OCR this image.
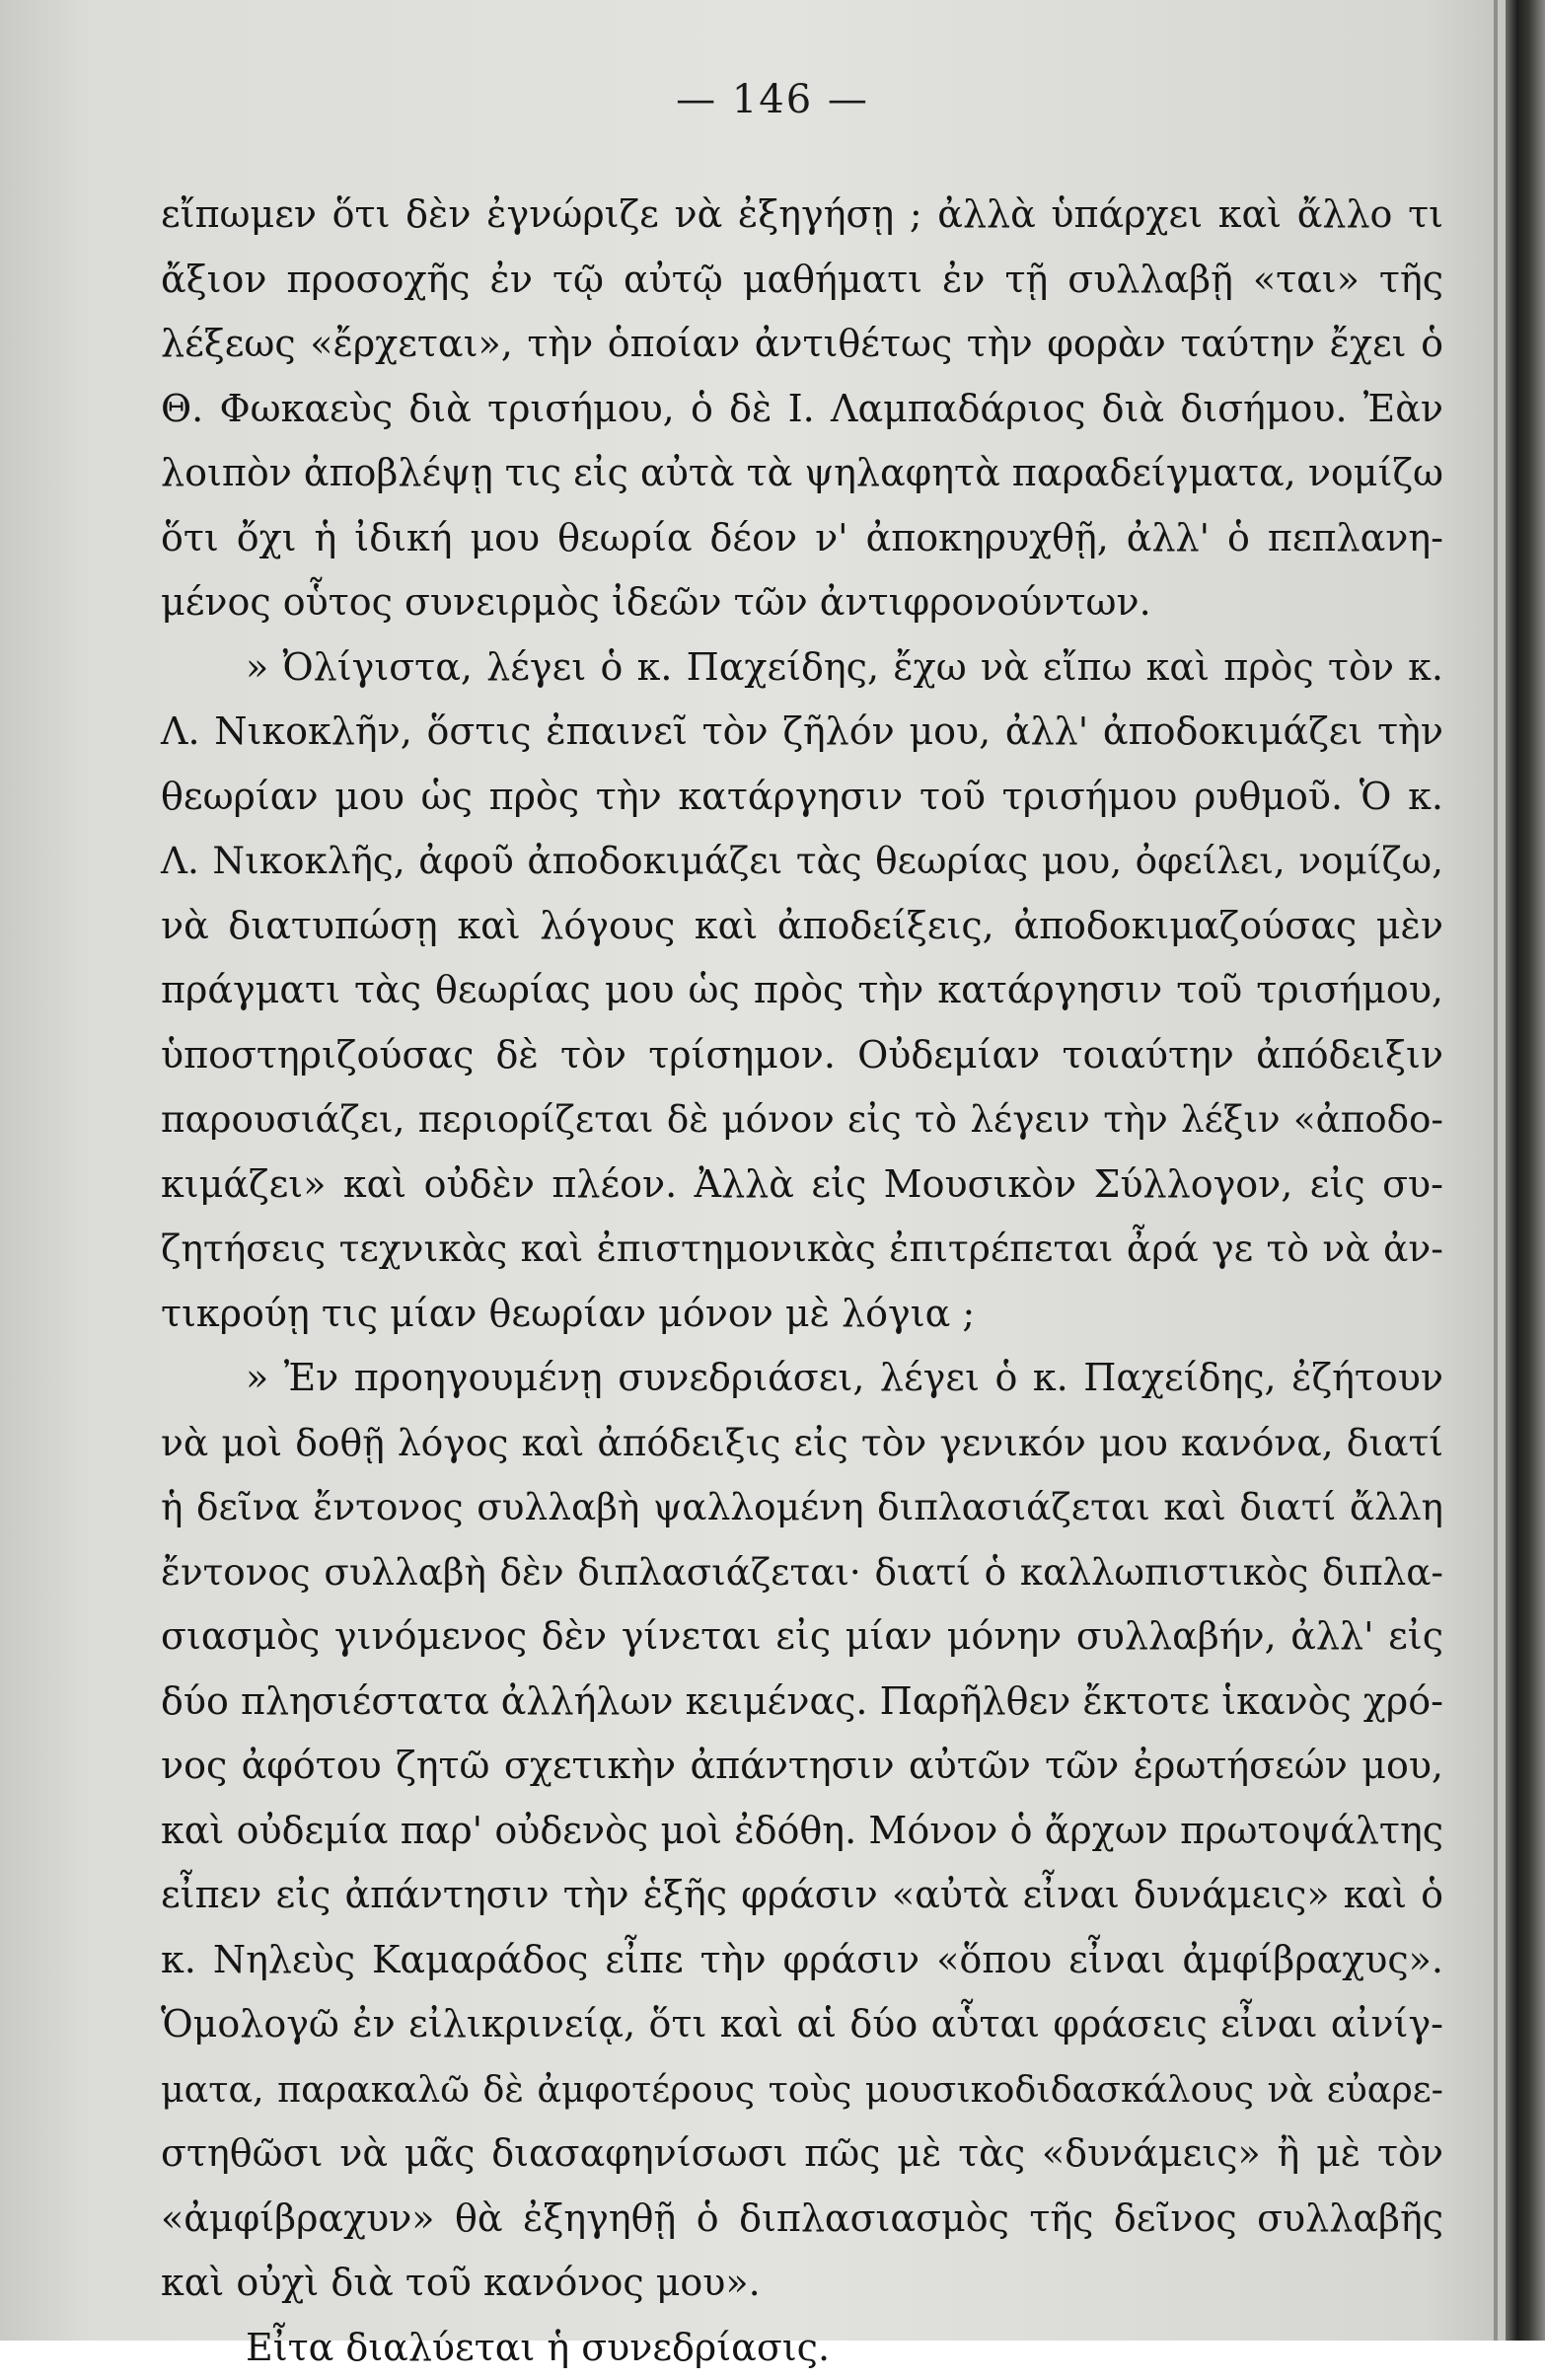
— 146 —
εἴπωμεν ὅτι δὲν ἐγνώριζε νὰ ἐξηγήσῃ ; ἀλλὰ ὑπάρχει καὶ ἄλλο τι
ἄξιον προσοχῆς ἐν τῷ αὐτῷ μαθήματι ἐν τῇ συλλαβῇ «ται» τῆς
λέξεως «ἔρχεται», τὴν ὁποίαν ἀντιθέτως τὴν φορὰν ταύτην ἔχει ὁ
Θ. Φωκαεὺς διὰ τρισήμου, ὁ δὲ Ι. Λαμπαδάριος διὰ δισήμου. Ἐὰν
λοιπὸν ἀποβλέψῃ τις εἰς αὐτὰ τὰ ψηλαφητὰ παραδείγματα, νομίζω
ὅτι ὄχι ἡ ἰδική μου θεωρία δέον ν' ἀποκηρυχθῇ, ἀλλ' ὁ πεπλανη-
μένος οὗτος συνειρμὸς ἰδεῶν τῶν ἀντιφρονούντων.
» Ὀλίγιστα, λέγει ὁ κ. Παχείδης, ἔχω νὰ εἴπω καὶ πρὸς τὸν κ.
Λ. Νικοκλῆν, ὅστις ἐπαινεῖ τὸν ζῆλόν μου, ἀλλ' ἀποδοκιμάζει τὴν
θεωρίαν μου ὡς πρὸς τὴν κατάργησιν τοῦ τρισήμου ρυθμοῦ. Ὁ κ.
Λ. Νικοκλῆς, ἀφοῦ ἀποδοκιμάζει τὰς θεωρίας μου, ὀφείλει, νομίζω,
νὰ διατυπώσῃ καὶ λόγους καὶ ἀποδείξεις, ἀποδοκιμαζούσας μὲν
πράγματι τὰς θεωρίας μου ὡς πρὸς τὴν κατάργησιν τοῦ τρισήμου,
ὑποστηριζούσας δὲ τὸν τρίσημον. Οὐδεμίαν τοιαύτην ἀπόδειξιν
παρουσιάζει, περιορίζεται δὲ μόνον εἰς τὸ λέγειν τὴν λέξιν «ἀποδο-
κιμάζει» καὶ οὐδὲν πλέον. Ἀλλὰ εἰς Μουσικὸν Σύλλογον, εἰς συ-
ζητήσεις τεχνικὰς καὶ ἐπιστημονικὰς ἐπιτρέπεται ἆρά γε τὸ νὰ ἀν-
τικρούῃ τις μίαν θεωρίαν μόνον μὲ λόγια ;
» Ἐν προηγουμένῃ συνεδριάσει, λέγει ὁ κ. Παχείδης, ἐζήτουν
νὰ μοὶ δοθῇ λόγος καὶ ἀπόδειξις εἰς τὸν γενικόν μου κανόνα, διατί
ἡ δεῖνα ἔντονος συλλαβὴ ψαλλομένη διπλασιάζεται καὶ διατί ἄλλη
ἔντονος συλλαβὴ δὲν διπλασιάζεται· διατί ὁ καλλωπιστικὸς διπλα-
σιασμὸς γινόμενος δὲν γίνεται εἰς μίαν μόνην συλλαβήν, ἀλλ' εἰς
δύο πλησιέστατα ἀλλήλων κειμένας. Παρῆλθεν ἔκτοτε ἱκανὸς χρό-
νος ἀφότου ζητῶ σχετικὴν ἀπάντησιν αὐτῶν τῶν ἐρωτήσεών μου,
καὶ οὐδεμία παρ' οὐδενὸς μοὶ ἐδόθη. Μόνον ὁ ἄρχων πρωτοψάλτης
εἶπεν εἰς ἀπάντησιν τὴν ἑξῆς φράσιν «αὐτὰ εἶναι δυνάμεις» καὶ ὁ
κ. Νηλεὺς Καμαράδος εἶπε τὴν φράσιν «ὅπου εἶναι ἀμφίβραχυς».
Ὁμολογῶ ἐν εἰλικρινείᾳ, ὅτι καὶ αἱ δύο αὗται φράσεις εἶναι αἰνίγ-
ματα, παρακαλῶ δὲ ἀμφοτέρους τοὺς μουσικοδιδασκάλους νὰ εὐαρε-
στηθῶσι νὰ μᾶς διασαφηνίσωσι πῶς μὲ τὰς «δυνάμεις» ἢ μὲ τὸν
«ἀμφίβραχυν» θὰ ἐξηγηθῇ ὁ διπλασιασμὸς τῆς δεῖνος συλλαβῆς
καὶ οὐχὶ διὰ τοῦ κανόνος μου».
Εἶτα διαλύεται ἡ συνεδρίασις.
